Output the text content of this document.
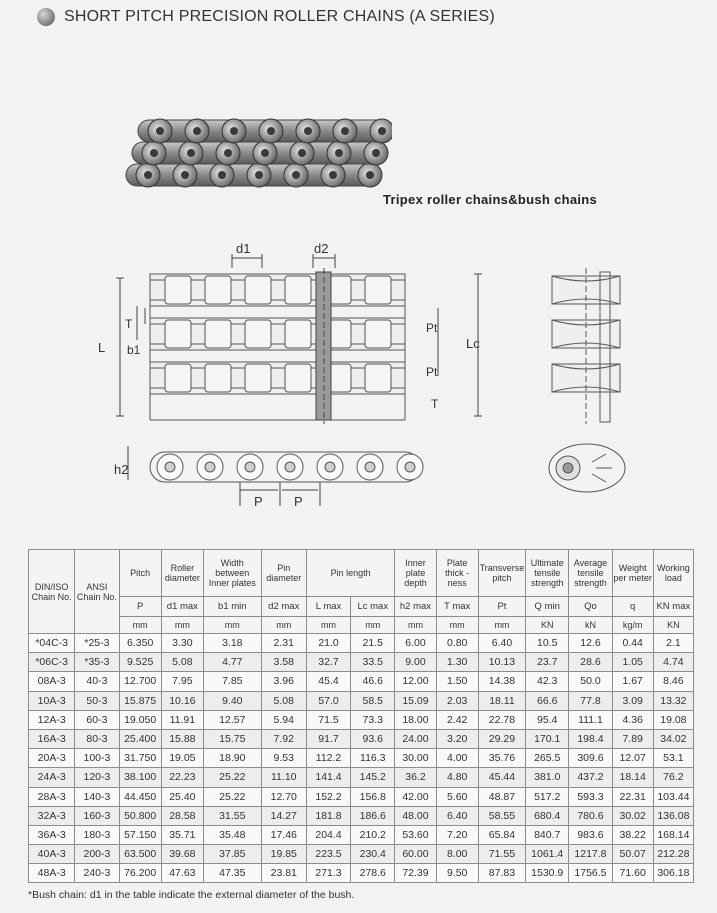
SHORT PITCH PRECISION ROLLER CHAINS (A SERIES)
Tripex roller chains&bush chains
L b1
T
Lc
Pt
Pt
T
d1	d2
h2
P P
DIN/ISO Chain No.	ANSI Chain No.	Pitch	Roller diameter	Width between Inner plates	Pin diameter	Pin length		Inner plate depth	Plate thick -ness	Transverse pitch	Ultimate tensile strength	Average tensile strength	Weight per meter	Working load
		P	d1 max	b1 min	d2 max	L max	Lc max	h2 max	T max	Pt	Q min	Qo	q	KN max
		mm	mm	mm	mm	mm	mm	mm	mm	mm	KN	kN	kg/m	KN
*04C-3	*25-3	6.350	3.30	3.18	2.31	21.0	21.5	6.00	0.80	6.40	10.5	12.6	0.44	2.1
*06C-3	*35-3	9.525	5.08	4.77	3.58	32.7	33.5	9.00	1.30	10.13	23.7	28.6	1.05	4.74
08A-3	40-3	12.700	7.95	7.85	3.96	45.4	46.6	12.00	1.50	14.38	42.3	50.0	1.67	8.46
10A-3	50-3	15.875	10.16	9.40	5.08	57.0	58.5	15.09	2.03	18.11	66.6	77.8	3.09	13.32
12A-3	60-3	19.050	11.91	12.57	5.94	71.5	73.3	18.00	2.42	22.78	95.4	111.1	4.36	19.08
16A-3	80-3	25.400	15.88	15.75	7.92	91.7	93.6	24.00	3.20	29.29	170.1	198.4	7.89	34.02
20A-3	100-3	31.750	19.05	18.90	9.53	112.2	116.3	30.00	4.00	35.76	265.5	309.6	12.07	53.1
24A-3	120-3	38.100	22.23	25.22	11.10	141.4	145.2	36.2	4.80	45.44	381.0	437.2	18.14	76.2
28A-3	140-3	44.450	25.40	25.22	12.70	152.2	156.8	42.00	5.60	48.87	517.2	593.3	22.31	103.44
32A-3	160-3	50.800	28.58	31.55	14.27	181.8	186.6	48.00	6.40	58.55	680.4	780.6	30.02	136.08
36A-3	180-3	57.150	35.71	35.48	17.46	204.4	210.2	53.60	7.20	65.84	840.7	983.6	38.22	168.14
40A-3	200-3	63.500	39.68	37.85	19.85	223.5	230.4	60.00	8.00	71.55	1061.4	1217.8	50.07	212.28
48A-3	240-3	76.200	47.63	47.35	23.81	271.3	278.6	72.39	9.50	87.83	1530.9	1756.5	71.60	306.18
*Bush chain: d1 in the table indicate the external diameter of the bush.
